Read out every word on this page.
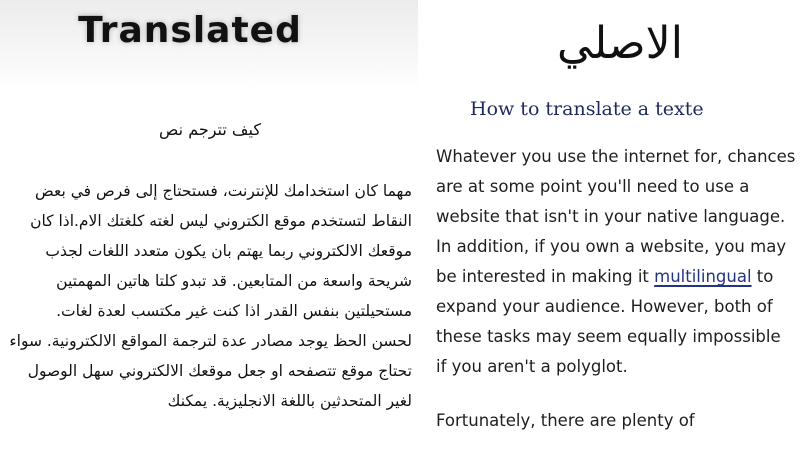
Translated	الاصلي
كيف تترجم نص

مهما كان استخدامك للإنترنت، فستحتاج إلى فرص في بعض النقاط لتستخدم موقع الكتروني ليس لغته كلغتك الام.اذا كان موقعك الالكتروني ربما يهتم بان يكون متعدد اللغات لجذب شريحة واسعة من المتابعين. قد تبدو كلتا هاتين المهمتين مستحيلتين بنفس القدر اذا كنت غير مكتسب لعدة لغات.

لحسن الحظ يوجد مصادر عدة لترجمة المواقع الالكترونية. سواء تحتاج موقع تتصفحه او جعل موقعك الالكتروني سهل الوصول لغير المتحدثين باللغة الانجليزية. يمكنك

How to translate a texte

Whatever you use the internet for, chances are at some point you'll need to use a website that isn't in your native language. In addition, if you own a website, you may be interested in making it multilingual to expand your audience. However, both of these tasks may seem equally impossible if you aren't a polyglot.

Fortunately, there are plenty of
